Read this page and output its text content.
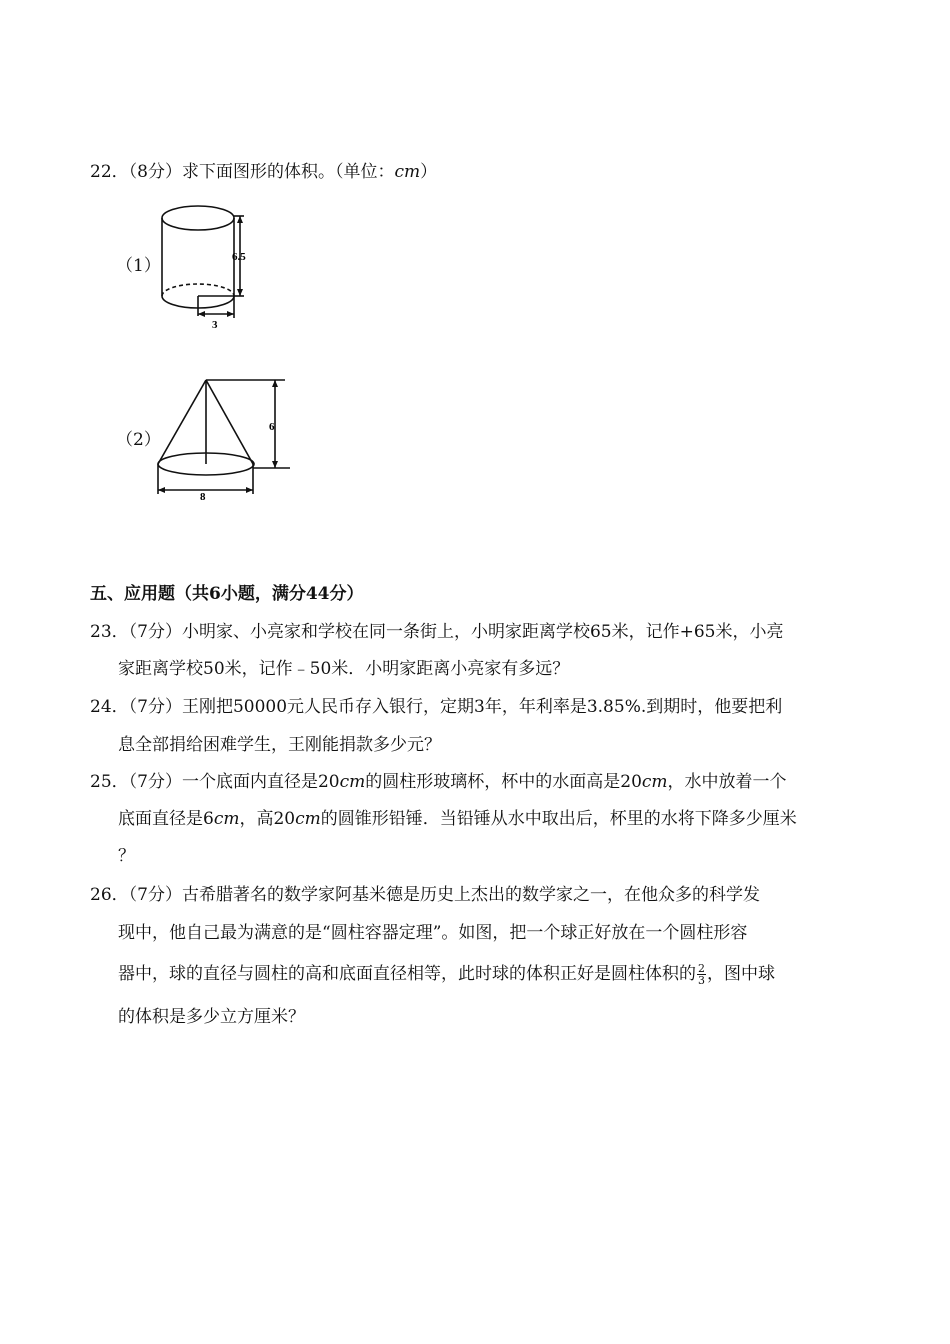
22．（8分）求下面图形的体积。（单位：cm）
（1）	6.5
3
（2）
6
8
五、应用题（共6小题，满分44分）
23．（7分）小明家、小亮家和学校在同一条街上，小明家距离学校65米，记作+65米，小亮
家距离学校50米，记作﹣50米．小明家距离小亮家有多远？
24．（7分）王刚把50000元人民币存入银行，定期3年，年利率是3.85%.到期时，他要把利
息全部捐给困难学生，王刚能捐款多少元？
25．（7分）一个底面内直径是20cm的圆柱形玻璃杯，杯中的水面高是20cm，水中放着一个
底面直径是6cm，高20cm的圆锥形铅锤．当铅锤从水中取出后，杯里的水将下降多少厘米
？
26．（7分）古希腊著名的数学家阿基米德是历史上杰出的数学家之一，在他众多的科学发
现中，他自己最为满意的是“圆柱容器定理”。如图，把一个球正好放在一个圆柱形容
器中，球的直径与圆柱的高和底面直径相等，此时球的体积正好是圆柱体积的 $\frac{2}{3}$ ，图中球
的体积是多少立方厘米？
